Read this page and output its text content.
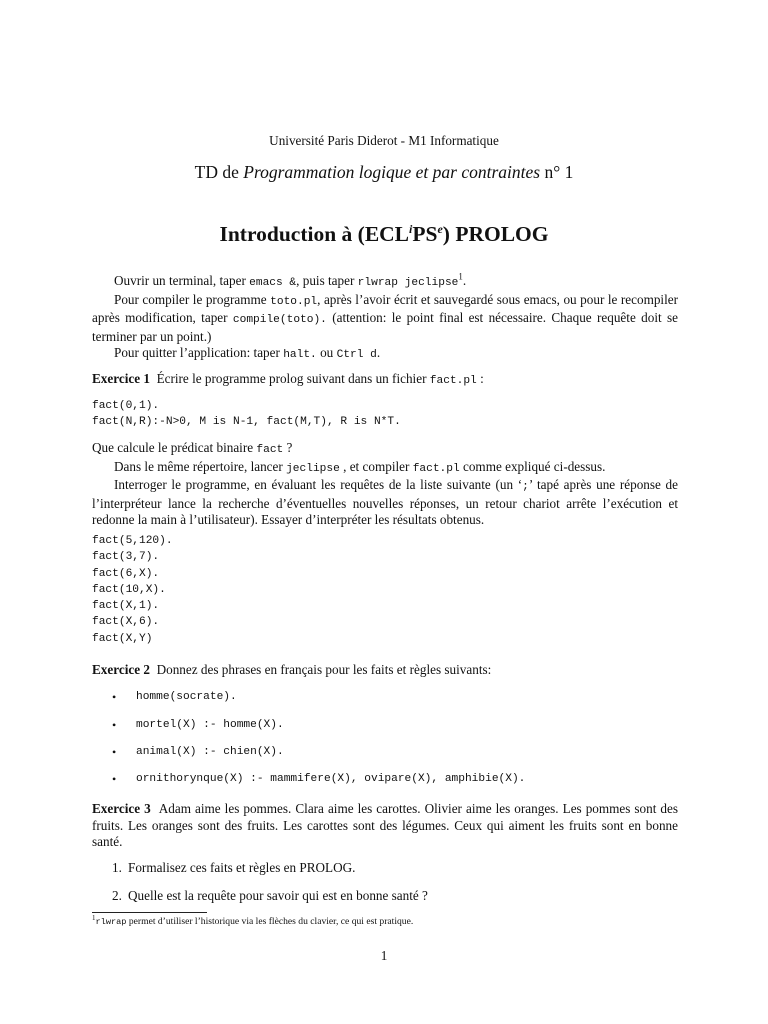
Université Paris Diderot - M1 Informatique
TD de Programmation logique et par contraintes n° 1
Introduction à $(ECL^iPS^e)$ PROLOG

Ouvrir un terminal, taper emacs &, puis taper rlwrap jeclipse$^1$.

Pour compiler le programme toto.pl, après l’avoir écrit et sauvegardé sous emacs, ou pour le recompiler après modification, taper compile(toto). (attention: le point final est nécessaire. Chaque requête doit se terminer par un point.)

Pour quitter l’application: taper halt. ou Ctrl d.

Exercice 1 Écrire le programme prolog suivant dans un fichier fact.pl :

fact(0,1).
fact(N,R):-N>0, M is N-1, fact(M,T), R is N*T.

Que calcule le prédicat binaire fact ?

Dans le même répertoire, lancer jeclipse , et compiler fact.pl comme expliqué ci-dessus.

Interroger le programme, en évaluant les requêtes de la liste suivante (un ‘;’ tapé après une réponse de l’interpréteur lance la recherche d’éventuelles nouvelles réponses, un retour chariot arrête l’exécution et redonne la main à l’utilisateur). Essayer d’interpréter les résultats obtenus.

fact(5,120).
fact(3,7).
fact(6,X).
fact(10,X).
fact(X,1).
fact(X,6).
fact(X,Y)

Exercice 2 Donnez des phrases en français pour les faits et règles suivants:

• homme(socrate).
• mortel(X) :- homme(X).
• animal(X) :- chien(X).
• ornithorynque(X) :- mammifere(X), ovipare(X), amphibie(X).

Exercice 3 Adam aime les pommes. Clara aime les carottes. Olivier aime les oranges. Les pommes sont des fruits. Les oranges sont des fruits. Les carottes sont des légumes. Ceux qui aiment les fruits sont en bonne santé.

1. Formalisez ces faits et règles en PROLOG.
2. Quelle est la requête pour savoir qui est en bonne santé ?
$^1$rlwrap permet d’utiliser l’historique via les flèches du clavier, ce qui est pratique.
1
